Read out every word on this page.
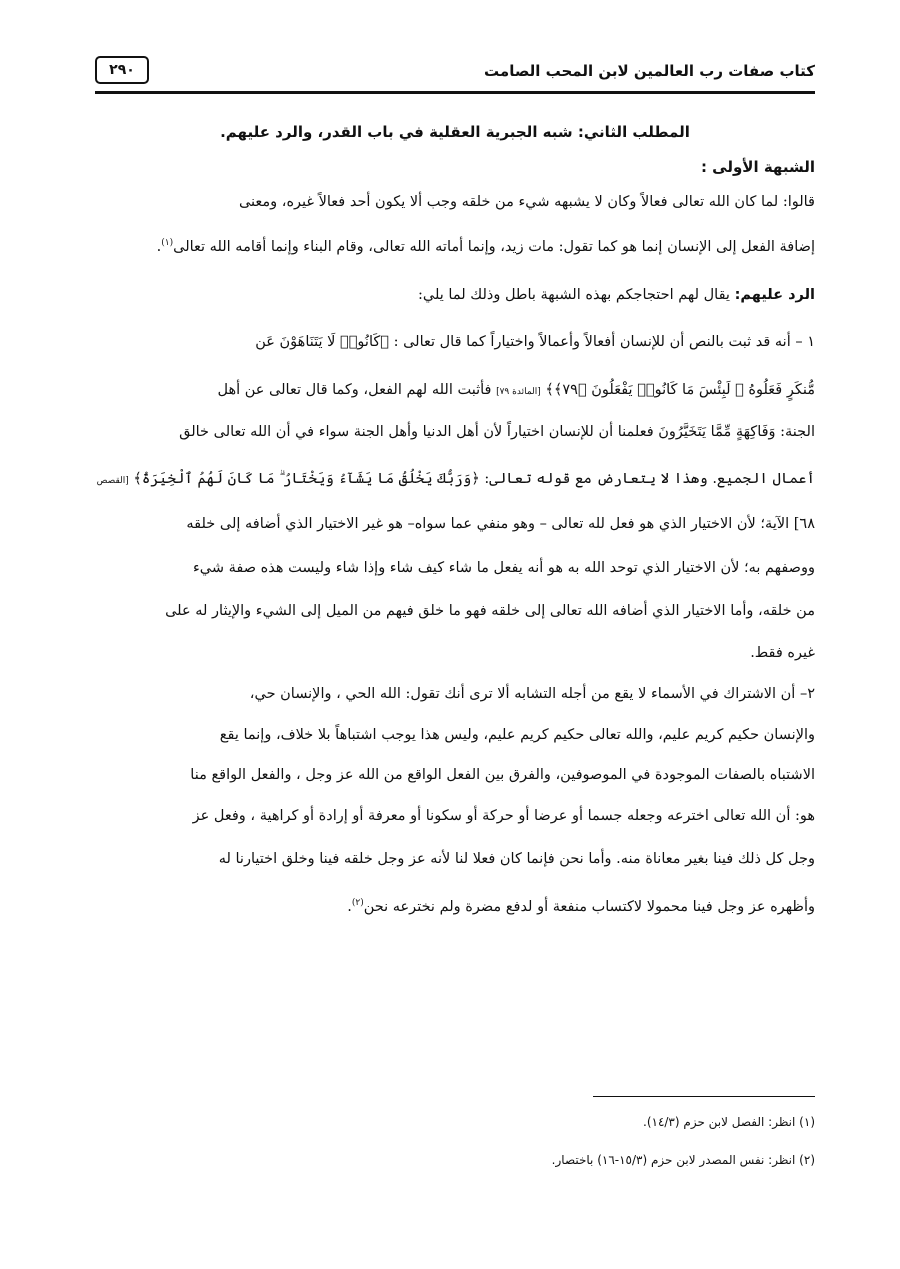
كتاب صفات رب العالمين لابن المحب الصامت
٢٩٠
المطلب الثاني: شبه الجبرية العقلية في باب القدر، والرد عليهم.
الشبهة الأولى :
قالوا: لما كان الله تعالى فعالاً وكان لا يشبهه شيء من خلقه وجب ألا يكون أحد فعالاً غيره، ومعنى
إضافة الفعل إلى الإنسان إنما هو كما تقول: مات زيد، وإنما أماته الله تعالى، وقام البناء وإنما أقامه الله تعالى$^{(١)}$.
الرد عليهم: يقال لهم احتجاجكم بهذه الشبهة باطل وذلك لما يلي:
١ – أنه قد ثبت بالنص أن للإنسان أفعالاً وأعمالاً واختياراً كما قال تعالى : ﴿كَانُوا۟ لَا يَتَنَاهَوْنَ عَن
مُّنكَرٍ فَعَلُوهُ ۚ لَبِئْسَ مَا كَانُوا۟ يَفْعَلُونَ ﴿٧٩﴾﴾ [المائدة ٧٩] فأثبت الله لهم الفعل، وكما قال تعالى عن أهل
الجنة: وَفَاكِهَةٍ مِّمَّا يَتَخَيَّرُونَ فعلمنا أن للإنسان اختياراً لأن أهل الدنيا وأهل الجنة سواء في أن الله تعالى خالق
أعمال الجميع. وهذا لا يتعارض مع قوله تعالى: ﴿وَرَبُّكَ يَخْلُقُ مَا يَشَآءُ وَيَخْتَارُ ۗ مَا كَانَ لَهُمُ ٱلْخِيَرَةُ﴾ [القصص
٦٨] الآية؛ لأن الاختيار الذي هو فعل لله تعالى – وهو منفي عما سواه– هو غير الاختيار الذي أضافه إلى خلقه
ووصفهم به؛ لأن الاختيار الذي توحد الله به هو أنه يفعل ما شاء كيف شاء وإذا شاء وليست هذه صفة شيء
من خلقه، وأما الاختيار الذي أضافه الله تعالى إلى خلقه فهو ما خلق فيهم من الميل إلى الشيء والإيثار له على
غيره فقط.
٢– أن الاشتراك في الأسماء لا يقع من أجله التشابه ألا ترى أنك تقول: الله الحي ، والإنسان حي،
والإنسان حكيم كريم عليم، والله تعالى حكيم كريم عليم، وليس هذا يوجب اشتباهاً بلا خلاف، وإنما يقع
الاشتباه بالصفات الموجودة في الموصوفين، والفرق بين الفعل الواقع من الله عز وجل ، والفعل الواقع منا
هو: أن الله تعالى اخترعه وجعله جسما أو عرضا أو حركة أو سكونا أو معرفة أو إرادة أو كراهية ، وفعل عز
وجل كل ذلك فينا بغير معاناة منه. وأما نحن فإنما كان فعلا لنا لأنه عز وجل خلقه فينا وخلق اختيارنا له
وأظهره عز وجل فينا محمولا لاكتساب منفعة أو لدفع مضرة ولم نخترعه نحن$^{(٢)}$.
(١) انظر: الفصل لابن حزم (١٤/٣).
(٢) انظر: نفس المصدر لابن حزم (١٥/٣-١٦) باختصار.
